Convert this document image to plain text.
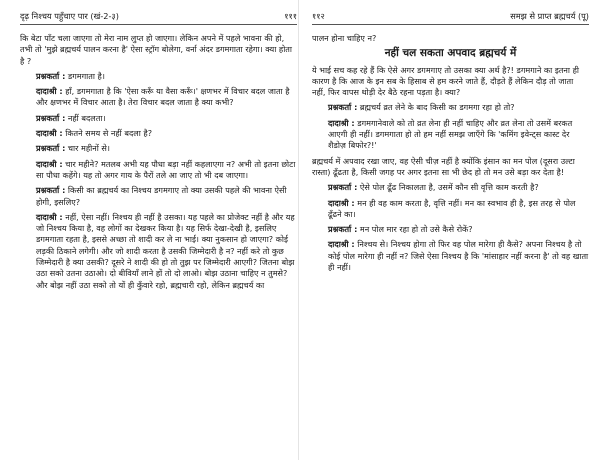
दृढ़ निश्चय पहुँचाए पार (खं-2-३)	१११

कि बेटा पाँट चला जाएगा तो मेरा नाम लुप्त हो जाएगा। लेकिन अपने में पहले भावना की हो, तभी तो 'मुझे ब्रह्मचर्य पालन करना है' ऐसा स्ट्रॉग बोलेगा, वर्ना अंदर डगमगाता रहेगा। क्या होता है ?

प्रश्नकर्ता : डगमगाता है।

दादाश्री : हाँ, डगमगाता है कि 'ऐसा करूँ या वैसा करूँ।' क्षणभर में विचार बदल जाता है और क्षणभर में विचार आता है। तेरा विचार बदल जाता है क्या कभी?

प्रश्नकर्ता : नहीं बदलता।

दादाश्री : कितने समय से नहीं बदला है?

प्रश्नकर्ता : चार महीनों से।

दादाश्री : चार महीने? मतलब अभी यह पौधा बड़ा नहीं कहलाएगा न? अभी तो इतना छोटा सा पौधा कहेंगे। यह तो अगर गाय के पैरों तले आ जाए तो भी दब जाएगा।

प्रश्नकर्ता : किसी का ब्रह्मचर्य का निश्चय डगमगाए तो क्या उसकी पहले की भावना ऐसी होगी, इसलिए?

दादाश्री : नहीं, ऐसा नहीं। निश्चय ही नहीं है उसका। यह पहले का प्रोजेक्ट नहीं है और यह जो निश्चय किया है, वह लोगों का देखकर किया है। यह सिर्फ देखा-देखी है, इसलिए डगमगाता रहता है, इससे अच्छा तो शादी कर ले ना भाई। क्या नुकसान हो जाएगा? कोई लड़की ठिकाने लगेगी। और जो शादी करता है उसकी जिम्मेदारी है न? नहीं करे तो कुछ जिम्मेदारी है क्या उसकी? दूसरे ने शादी की हो तो तुझ पर जिम्मेदारी आएगी? जितना बोझ उठा सको उतना उठाओ। दो बीवियाँ लाने हों तो दो लाओ। बोझ उठाना चाहिए न तुमसे? और बोझ नहीं उठा सको तो यों ही कुँवारे रहो, ब्रह्मचारी रहो, लेकिन ब्रह्मचर्य का

११२	समझ से प्राप्त ब्रह्मचर्य (पू)

पालन होना चाहिए न?

नहीं चल सकता अपवाद ब्रह्मचर्य में

ये भाई सच कह रहे हैं कि ऐसे अगर डगमगाए तो उसका क्या अर्थ है?! डगमगाने का इतना ही कारण है कि आज के इन सब के हिसाब से हम करने जाते हैं, दौड़ते हैं लेकिन दौड़ तो जाता नहीं, फिर वापस थोड़ी देर बैठे रहना पड़ता है। क्या?

प्रश्नकर्ता : ब्रह्मचर्य व्रत लेने के बाद किसी का डगमगा रहा हो तो?

दादाश्री : डगमगानेवाले को तो व्रत लेना ही नहीं चाहिए और व्रत लेना तो उसमें बरकत आएगी ही नहीं। डगमगाता हो तो हम नहीं समझ जाएँगे कि 'कमिंग इवेन्ट्स कास्ट देर शैडोज़ बिफोर?!'

ब्रह्मचर्य में अपवाद रखा जाए, वह ऐसी चीज़ नहीं है क्योंकि इंसान का मन पोल (दूसरा उल्टा रास्ता) ढूँढता है, किसी जगह पर अगर इतना सा भी छेद हो तो मन उसे बड़ा कर देता है!

प्रश्नकर्ता : ऐसे पोल ढूँढ निकालता है, उसमें कौन सी वृत्ति काम करती है?

दादाश्री : मन ही वह काम करता है, वृत्ति नहीं। मन का स्वभाव ही है, इस तरह से पोल ढूँढने का।

प्रश्नकर्ता : मन पोल मार रहा हो तो उसे कैसे रोकें?

दादाश्री : निश्चय से। निश्चय होगा तो फिर वह पोल मारेगा ही कैसे? अपना निश्चय है तो कोई पोल मारेगा ही नहीं न? जिसे ऐसा निश्चय है कि 'मांसाहार नहीं करना है' तो वह खाता ही नहीं।
